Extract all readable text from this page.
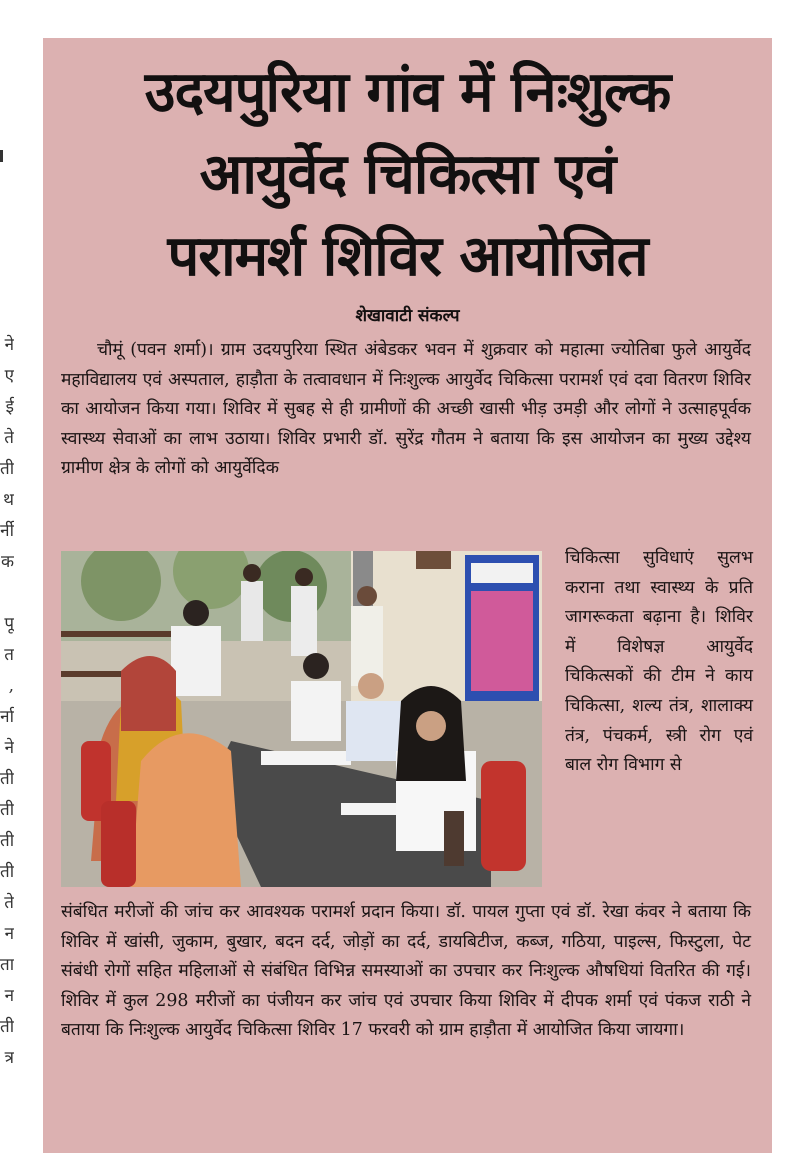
ने
ए
ई
ते
ती
थ
र्नी
क
पू
त
,
र्ना
ने
ती
ती
ती
ती
ते
न
ता
न
ती
त्र
उदयपुरिया गांव में निःशुल्क
आयुर्वेद चिकित्सा एवं
परामर्श शिविर आयोजित
शेखावाटी संकल्प
चौमूं (पवन शर्मा)। ग्राम उदयपुरिया स्थित अंबेडकर भवन में शुक्रवार को महात्मा ज्योतिबा फुले आयुर्वेद महाविद्यालय एवं अस्पताल, हाड़ौता के तत्वावधान में निःशुल्क आयुर्वेद चिकित्सा परामर्श एवं दवा वितरण शिविर का आयोजन किया गया। शिविर में सुबह से ही ग्रामीणों की अच्छी खासी भीड़ उमड़ी और लोगों ने उत्साहपूर्वक स्वास्थ्य सेवाओं का लाभ उठाया। शिविर प्रभारी डॉ. सुरेंद्र गौतम ने बताया कि इस आयोजन का मुख्य उद्देश्य ग्रामीण क्षेत्र के लोगों को आयुर्वेदिक
चिकित्सा सुविधाएं सुलभ कराना तथा स्वास्थ्य के प्रति जागरूकता बढ़ाना है। शिविर में विशेषज्ञ आयुर्वेद चिकित्सकों की टीम ने काय चिकित्सा, शल्य तंत्र, शालाक्य तंत्र, पंचकर्म, स्त्री रोग एवं बाल रोग विभाग से
संबंधित मरीजों की जांच कर आवश्यक परामर्श प्रदान किया। डॉ. पायल गुप्ता एवं डॉ. रेखा कंवर ने बताया कि शिविर में खांसी, जुकाम, बुखार, बदन दर्द, जोड़ों का दर्द, डायबिटीज, कब्ज, गठिया, पाइल्स, फिस्टुला, पेट संबंधी रोगों सहित महिलाओं से संबंधित विभिन्न समस्याओं का उपचार कर निःशुल्क औषधियां वितरित की गई। शिविर में कुल 298 मरीजों का पंजीयन कर जांच एवं उपचार किया शिविर में दीपक शर्मा एवं पंकज राठी ने बताया कि निःशुल्क आयुर्वेद चिकित्सा शिविर 17 फरवरी को ग्राम हाड़ौता में आयोजित किया जायगा।
